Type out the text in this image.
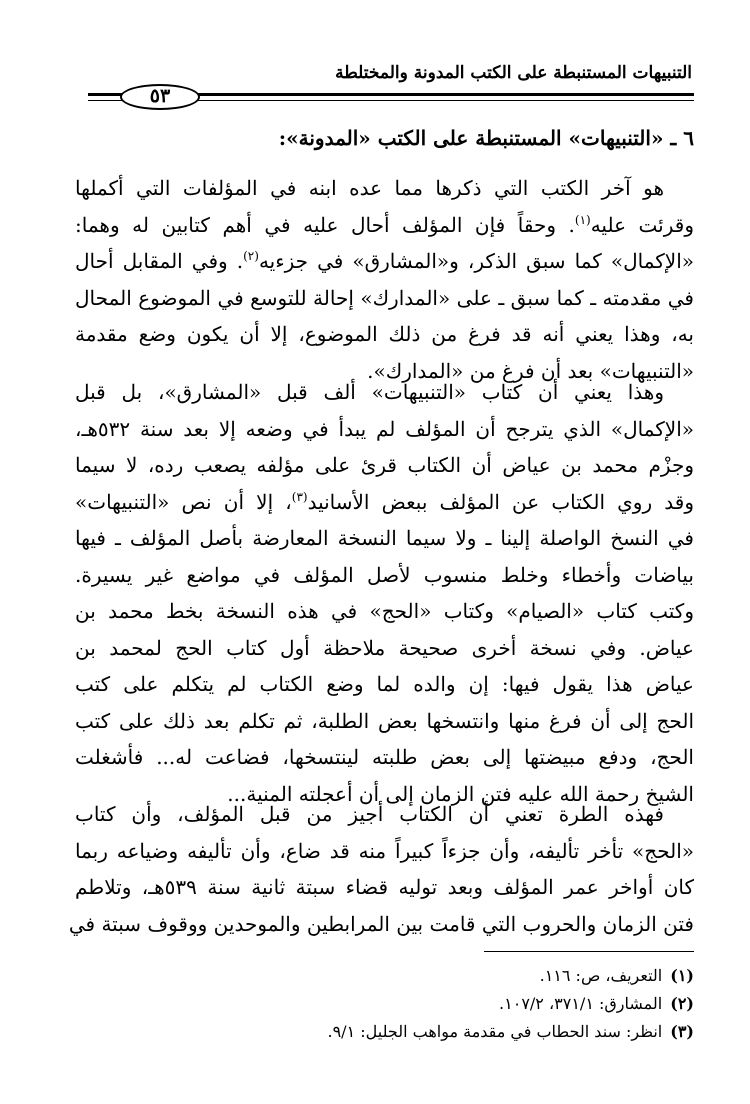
التنبيهات المستنبطة على الكتب المدونة والمختلطة
٥٣
٦ ـ «التنبيهات» المستنبطة على الكتب «المدونة»:
هو آخر الكتب التي ذكرها مما عده ابنه في المؤلفات التي أكملها
وقرئت عليه$^{(١)}$. وحقاً فإن المؤلف أحال عليه في أهم كتابين له وهما:
«الإكمال» كما سبق الذكر، و«المشارق» في جزءيه$^{(٢)}$. وفي المقابل أحال
في مقدمته ـ كما سبق ـ على «المدارك» إحالة للتوسع في الموضوع المحال
به، وهذا يعني أنه قد فرغ من ذلك الموضوع، إلا أن يكون وضع مقدمة
«التنبيهات» بعد أن فرغ من «المدارك».
وهذا يعني أن كتاب «التنبيهات» ألف قبل «المشارق»، بل قبل
«الإكمال» الذي يترجح أن المؤلف لم يبدأ في وضعه إلا بعد سنة ٥٣٢هـ،
وجزْم محمد بن عياض أن الكتاب قرئ على مؤلفه يصعب رده، لا سيما
وقد روي الكتاب عن المؤلف ببعض الأسانيد$^{(٣)}$، إلا أن نص «التنبيهات»
في النسخ الواصلة إلينا ـ ولا سيما النسخة المعارضة بأصل المؤلف ـ فيها
بياضات وأخطاء وخلط منسوب لأصل المؤلف في مواضع غير يسيرة.
وكتب كتاب «الصيام» وكتاب «الحج» في هذه النسخة بخط محمد بن
عياض. وفي نسخة أخرى صحيحة ملاحظة أول كتاب الحج لمحمد بن
عياض هذا يقول فيها: إن والده لما وضع الكتاب لم يتكلم على كتب
الحج إلى أن فرغ منها وانتسخها بعض الطلبة، ثم تكلم بعد ذلك على كتب
الحج، ودفع مبيضتها إلى بعض طلبته لينتسخها، فضاعت له... فأشغلت
الشيخ رحمة الله عليه فتن الزمان إلى أن أعجلته المنية...
فهذه الطرة تعني أن الكتاب أجيز من قبل المؤلف، وأن كتاب
«الحج» تأخر تأليفه، وأن جزءاً كبيراً منه قد ضاع، وأن تأليفه وضياعه ربما
كان أواخر عمر المؤلف وبعد توليه قضاء سبتة ثانية سنة ٥٣٩هـ، وتلاطم
فتن الزمان والحروب التي قامت بين المرابطين والموحدين ووقوف سبتة في
(١)التعريف، ص: ١١٦.
(٢)المشارق: ٣٧١/١، ١٠٧/٢.
(٣)انظر: سند الحطاب في مقدمة مواهب الجليل: ٩/١.
